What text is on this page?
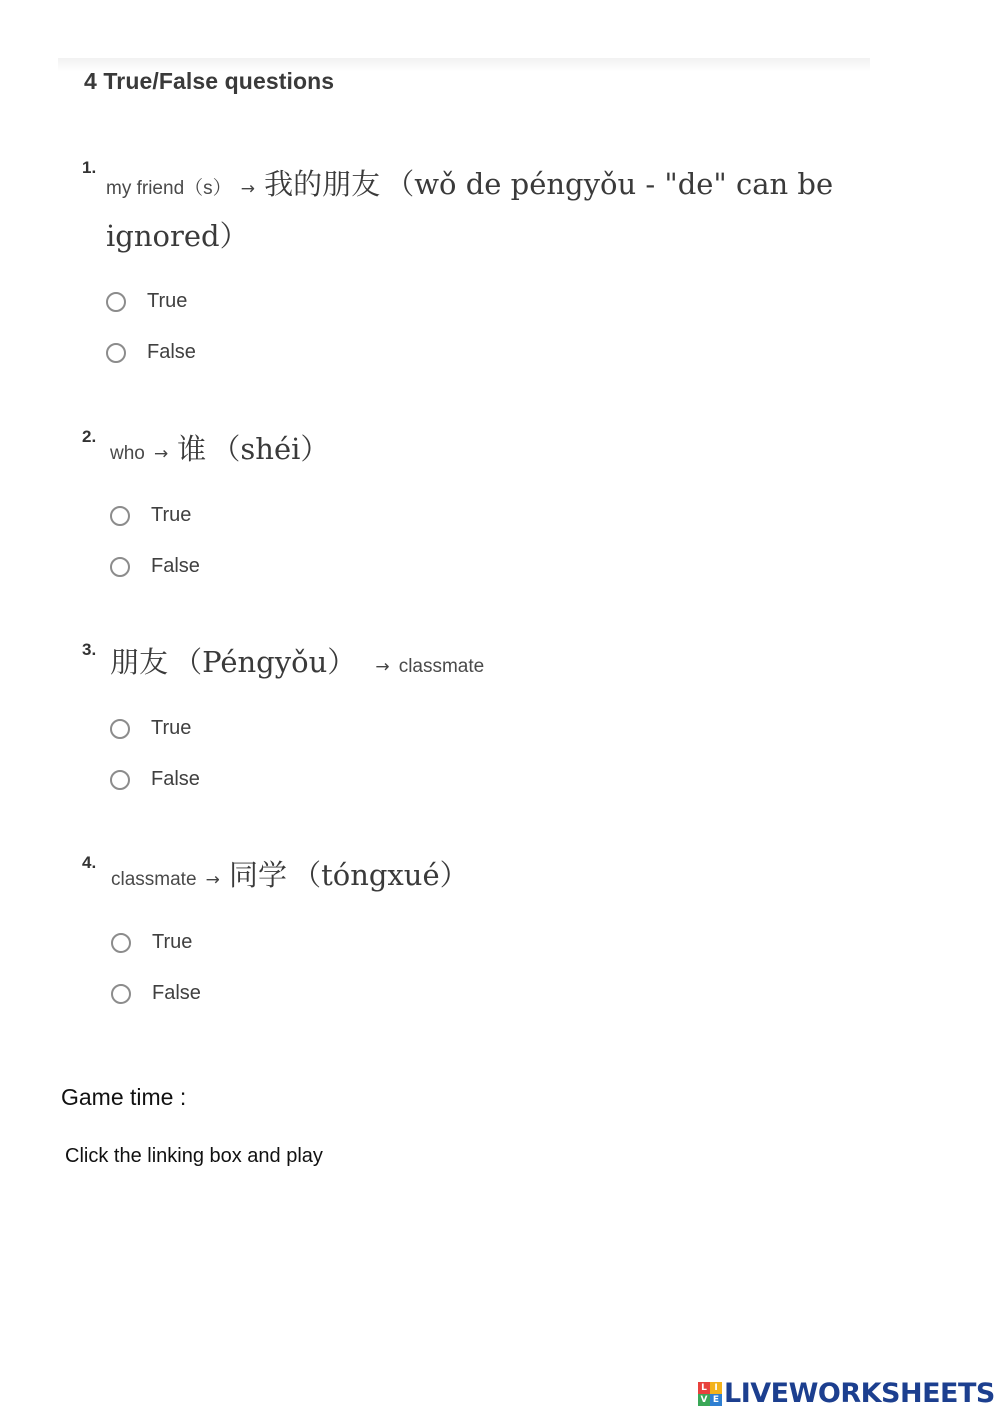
4 True/False questions
1.
my friend（s） → 我的朋友 （wǒ de péngyǒu - "de" can be
ignored）
True
False
2.
who → 谁 （shéi）
True
False
3. 朋友 （Péngyǒu） → classmate
True
False
4.
classmate → 同学 （tóngxué）
True
False
Game time :
Click the linking box and play
L I
V E LIVEWORKSHEETS
